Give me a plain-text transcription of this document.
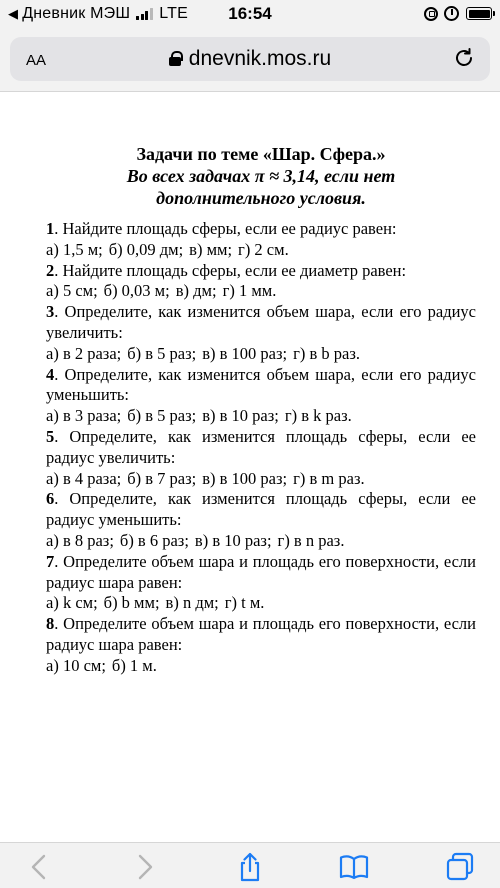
◀ Дневник МЭШ LTE	16:54
AA	dnevnik.mos.ru
Задачи по теме «Шар. Сфера.»
Во всех задачах π ≈ 3,14, если нет дополнительного условия.
1. Найдите площадь сферы, если ее радиус равен:
а) 1,5 м; б) 0,09 дм; в) мм; г) 2 см.
2. Найдите площадь сферы, если ее диаметр равен:
а) 5 см; б) 0,03 м; в) дм; г) 1 мм.
3. Определите, как изменится объем шара, если его радиус увеличить:
а) в 2 раза; б) в 5 раз; в) в 100 раз; г) в b раз.
4. Определите, как изменится объем шара, если его радиус уменьшить:
а) в 3 раза; б) в 5 раз; в) в 10 раз; г) в k раз.
5. Определите, как изменится площадь сферы, если ее радиус увеличить:
а) в 4 раза; б) в 7 раз; в) в 100 раз; г) в m раз.
6. Определите, как изменится площадь сферы, если ее радиус уменьшить:
а) в 8 раз; б) в 6 раз; в) в 10 раз; г) в n раз.
7. Определите объем шара и площадь его поверхности, если радиус шара равен:
а) k см; б) b мм; в) n дм; г) t м.
8. Определите объем шара и площадь его поверхности, если радиус шара равен:
а) 10 см; б) 1 м.
